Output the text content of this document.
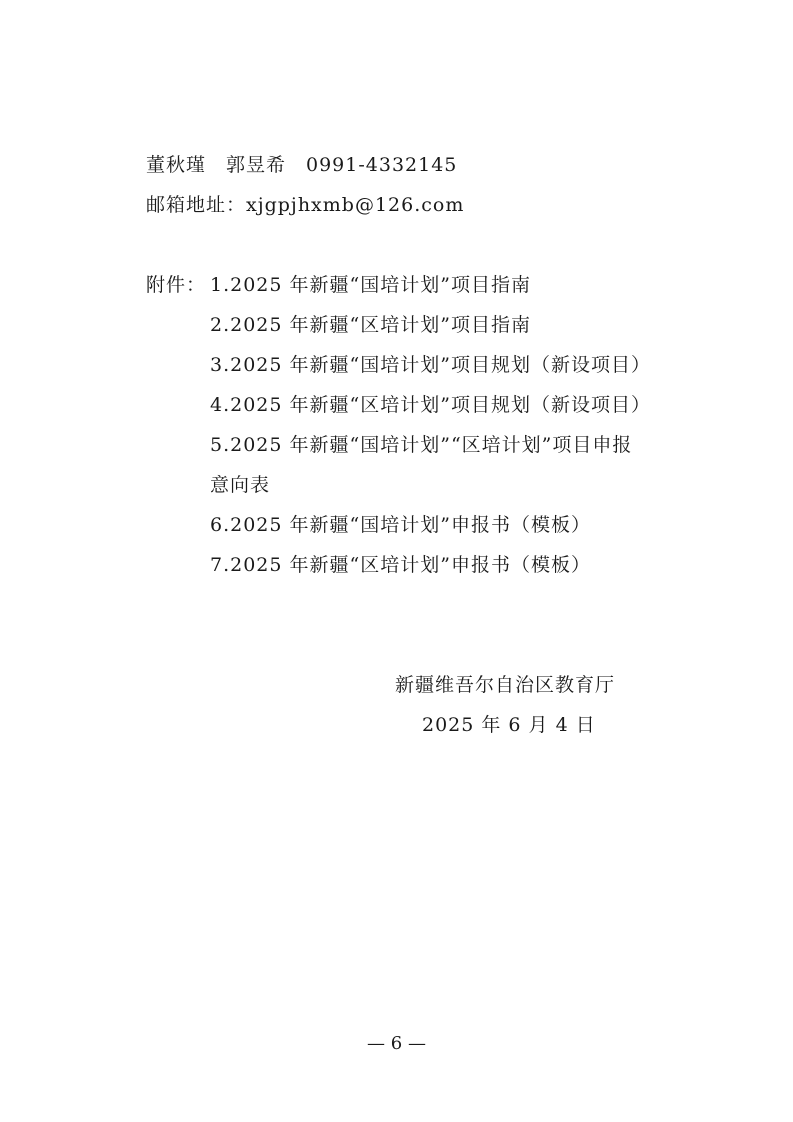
董秋瑾　郭昱希　0991-4332145
邮箱地址：xjgpjhxmb@126.com
附件： 1.2025 年新疆“国培计划”项目指南
2.2025 年新疆“区培计划”项目指南
3.2025 年新疆“国培计划”项目规划（新设项目）
4.2025 年新疆“区培计划”项目规划（新设项目）
5.2025 年新疆“国培计划”“区培计划”项目申报
意向表
6.2025 年新疆“国培计划”申报书（模板）
7.2025 年新疆“区培计划”申报书（模板）
新疆维吾尔自治区教育厅
2025 年 6 月 4 日
— 6 —
